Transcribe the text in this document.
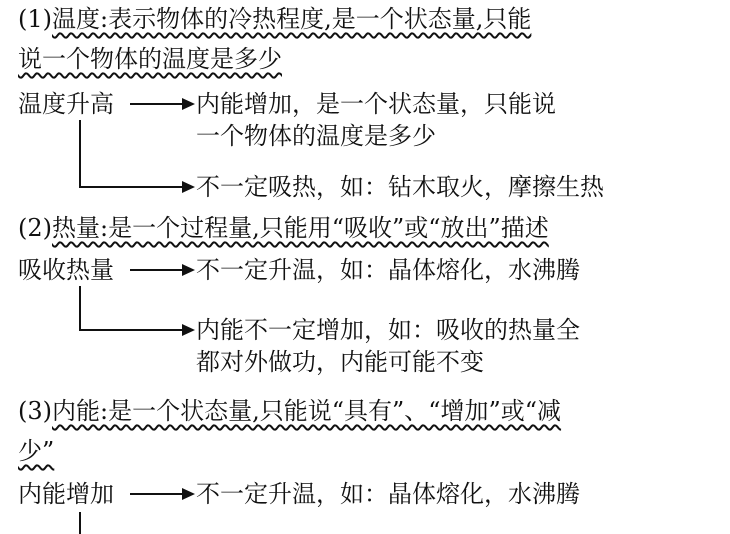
(1)温度:表示物体的冷热程度,是一个状态量,只能
说一个物体的温度是多少
温度升高	内能增加，是一个状态量，只能说
一个物体的温度是多少
不一定吸热，如：钻木取火，摩擦生热
(2)热量:是一个过程量,只能用“吸收”或“放出”描述
吸收热量	不一定升温，如：晶体熔化，水沸腾
内能不一定增加，如：吸收的热量全
都对外做功，内能可能不变
(3)内能:是一个状态量,只能说“具有”、“增加”或“减
少”
内能增加	不一定升温，如：晶体熔化，水沸腾
